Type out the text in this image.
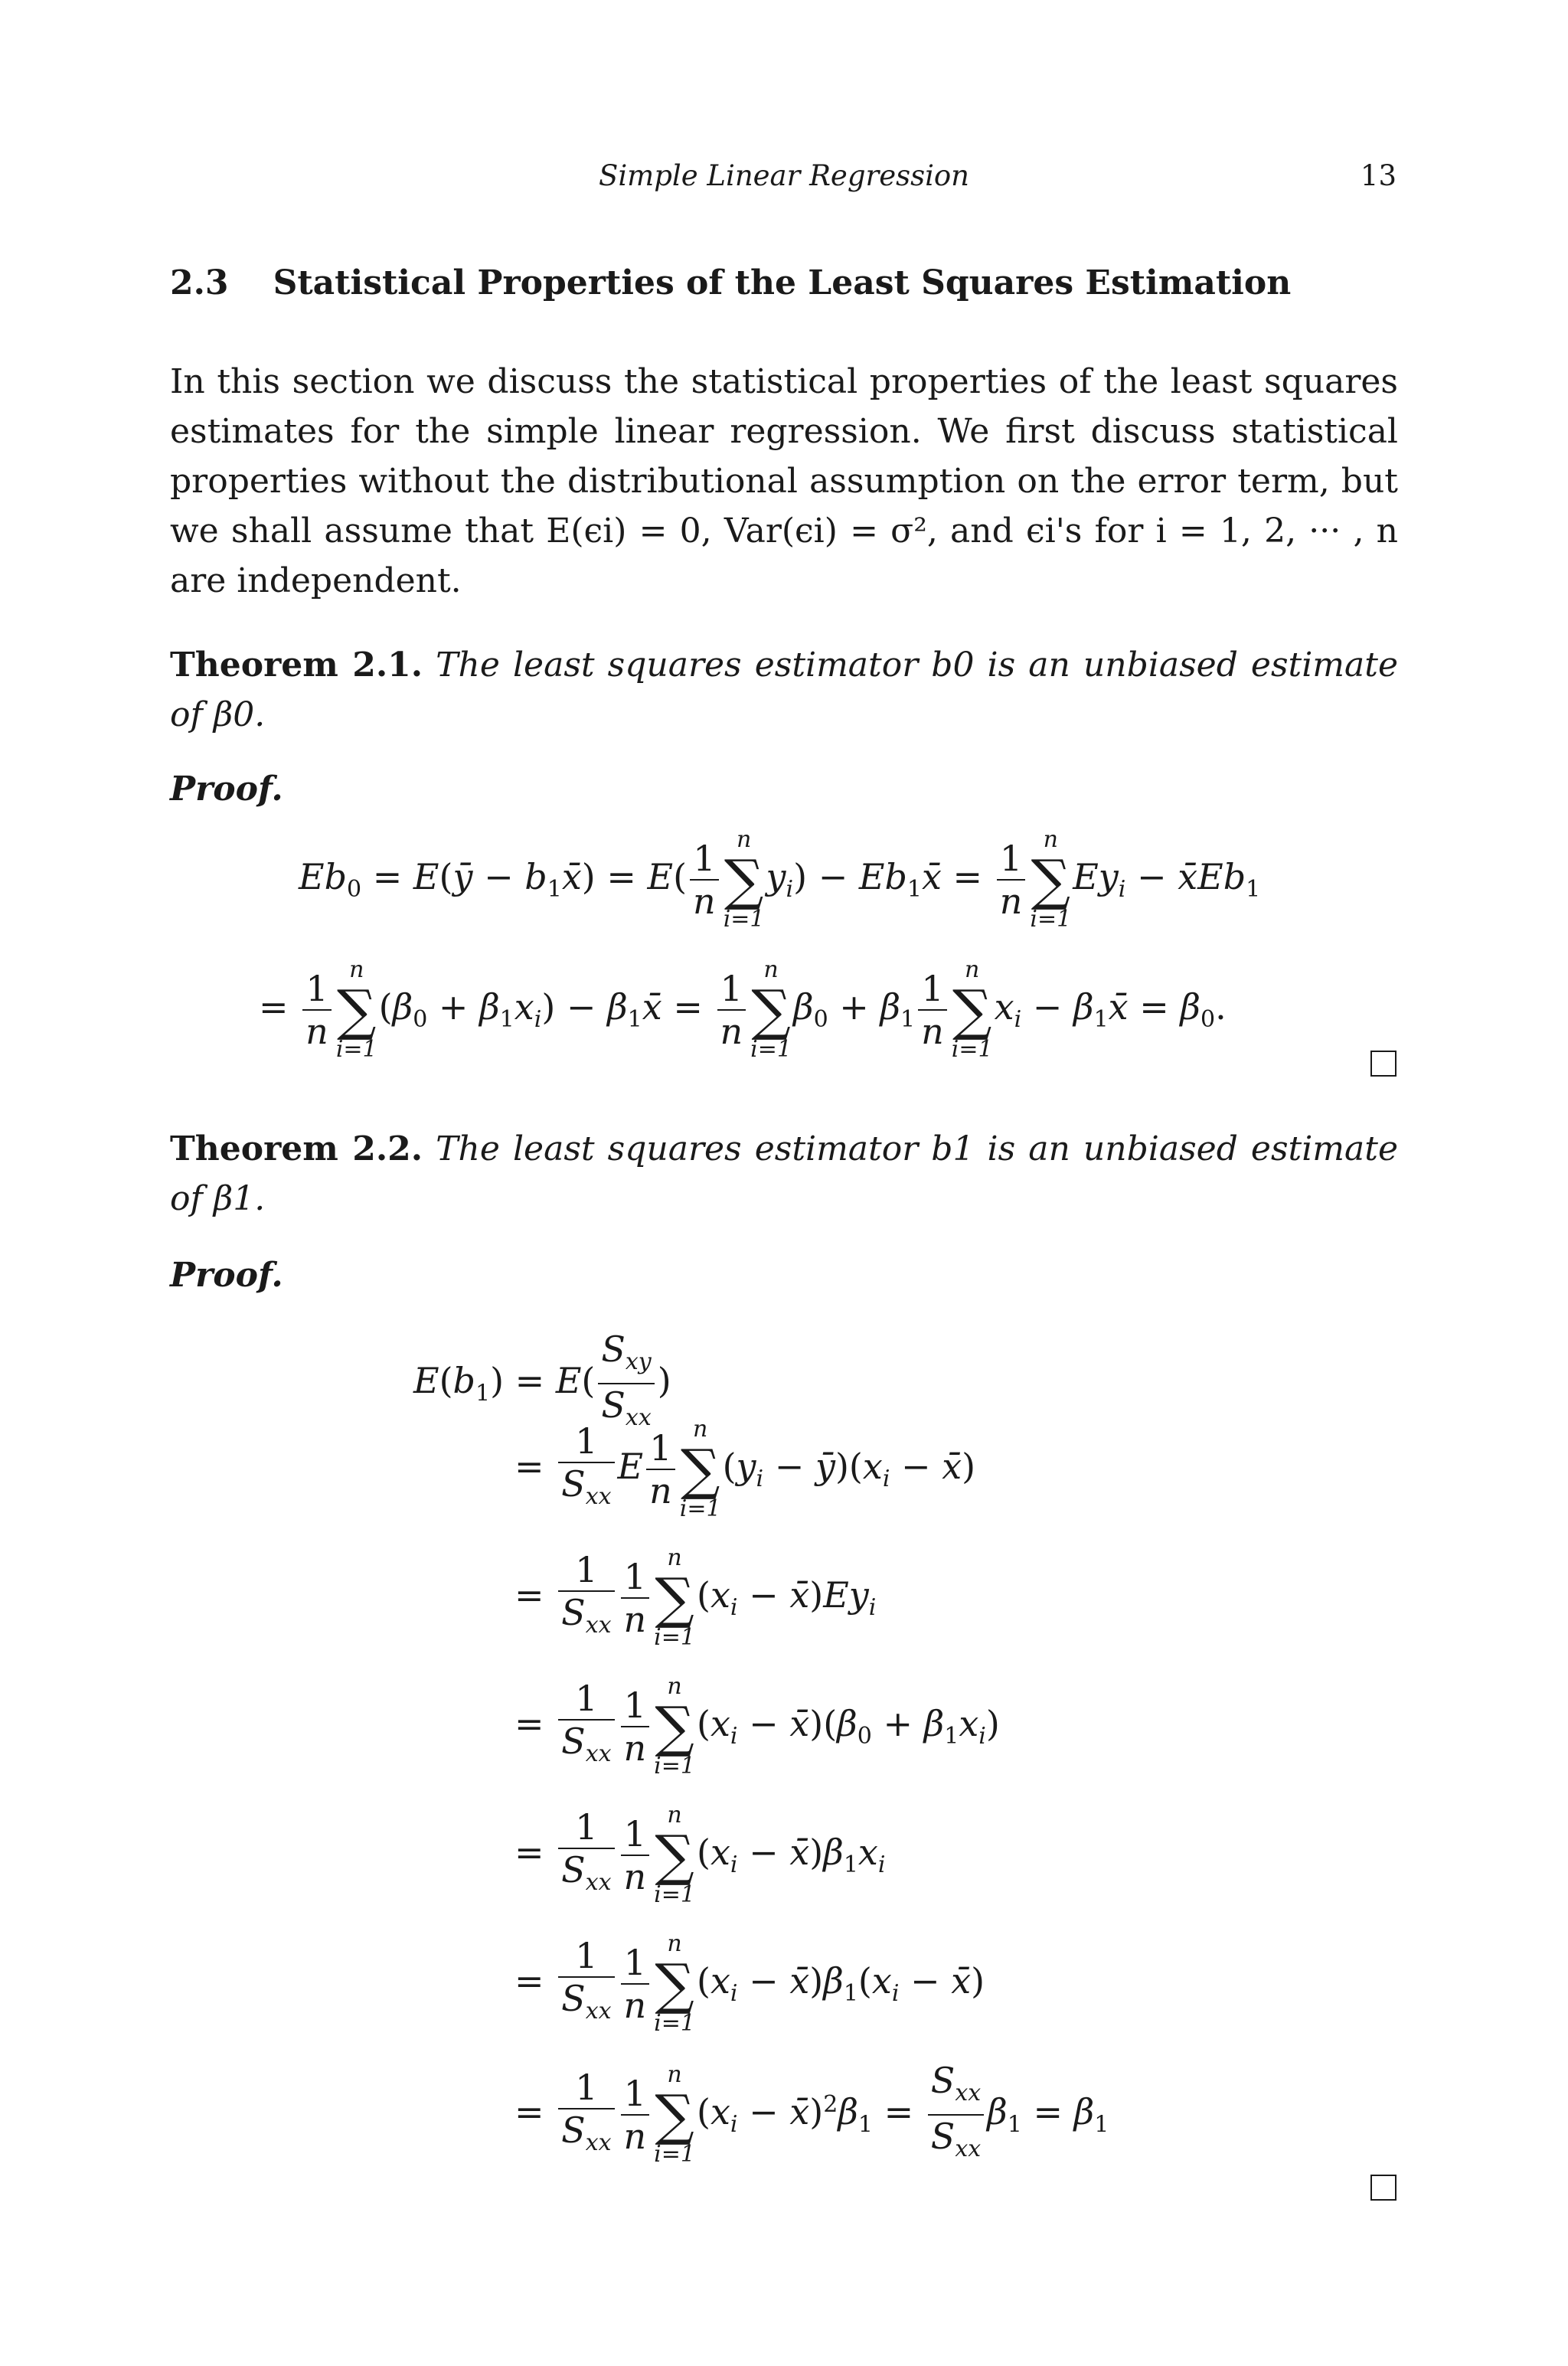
Simple Linear Regression	13
2.3 Statistical Properties of the Least Squares Estimation
In this section we discuss the statistical properties of the least squares estimates for the simple linear regression. We first discuss statistical properties without the distributional assumption on the error term, but we shall assume that E(ϵi) = 0, Var(ϵi) = σ², and ϵi's for i = 1, 2, ··· , n are independent.
Theorem 2.1. The least squares estimator b0 is an unbiased estimate of β0.
Proof.
$Eb_0$ = E(ȳ − $b_1x̄) = E( \frac{1}{n}$ n
∑
i=1
$y_i$) − $Eb_1x̄ = \frac{1}{n}$ n
∑
i=1
$Ey_i$ − $x̄Eb_1$
= $\frac{1}{n}$ n
∑
i=1
$(\beta_0 + \beta_1x_i)$ − $\beta_1x̄ = \frac{1}{n}$ n
∑
i=1
$\beta_0 + \beta_1 \frac{1}{n}$ n
∑
i=1
$x_i$ − $\beta_1x̄ = \beta_0$.
Theorem 2.2. The least squares estimator b1 is an unbiased estimate of β1.
Proof.
$E(b_1) = E( \frac{S_{xy}}{S_{xx}}$ )
= $\frac{1}{S_{xx}}$ E $\frac{1}{n}$ n
∑
i=1
($y_i$ − $ȳ)(x_i$ − x̄)
= $\frac{1}{S_{xx}} \frac{1}{n}$ n
∑
i=1
($x_i$ − $x̄)Ey_i$
= $\frac{1}{S_{xx}} \frac{1}{n}$ n
∑
i=1
($x_i$ − $x̄)(\beta_0 + \beta_1x_i)$
= $\frac{1}{S_{xx}} \frac{1}{n}$ n
∑
i=1
($x_i$ − $x̄)\beta_1x_i$
= $\frac{1}{S_{xx}} \frac{1}{n}$ n
∑
i=1
($x_i$ − $x̄)\beta_1(x_i$ − x̄)
= $\frac{1}{S_{xx}} \frac{1}{n}$ n
∑
i=1
($x_i$ − $x̄)^2\beta_1 = \frac{S_{xx}}{S_{xx}} \beta_1 = \beta_1$
